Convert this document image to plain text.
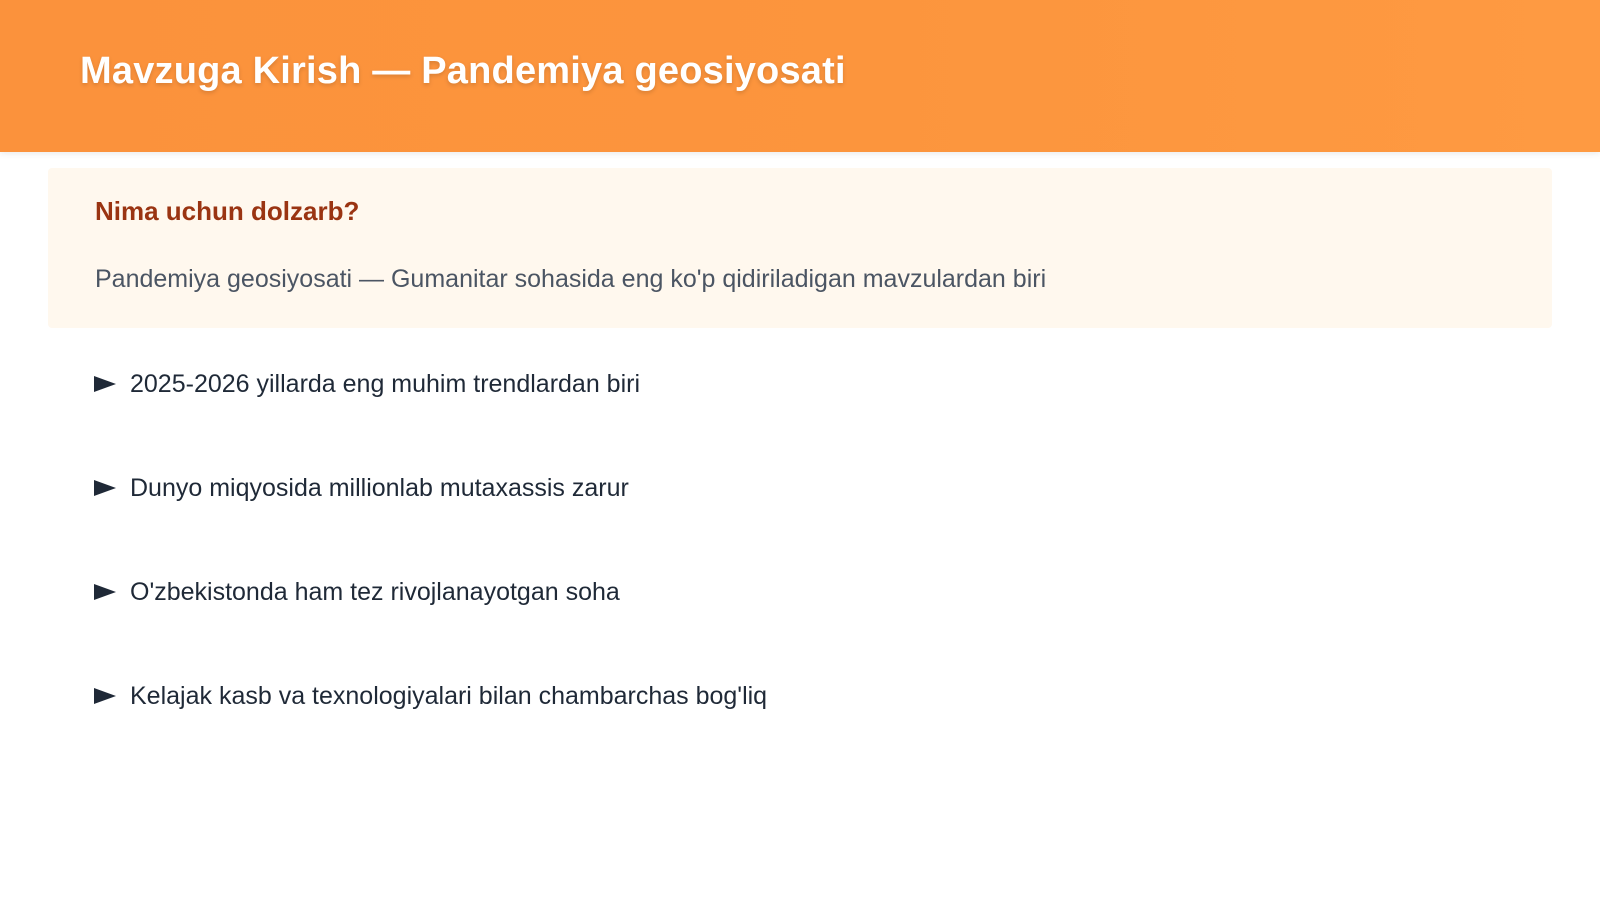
Mavzuga Kirish — Pandemiya geosiyosati
Nima uchun dolzarb?

Pandemiya geosiyosati — Gumanitar sohasida eng ko'p qidiriladigan mavzulardan biri

2025-2026 yillarda eng muhim trendlardan biri
Dunyo miqyosida millionlab mutaxassis zarur
O'zbekistonda ham tez rivojlanayotgan soha
Kelajak kasb va texnologiyalari bilan chambarchas bog'liq
